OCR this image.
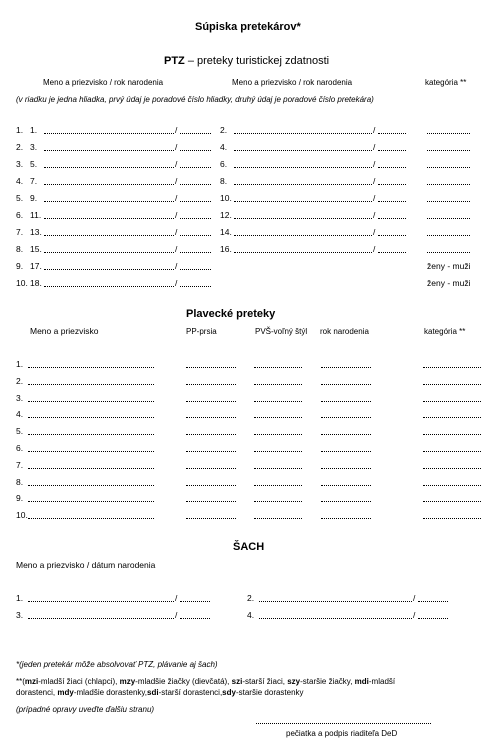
Súpiska pretekárov*
PTZ – preteky turistickej zdatnosti
Meno a priezvisko / rok narodenia	Meno a priezvisko / rok narodenia	kategória **
(v riadku je jedna hliadka, prvý údaj je poradové číslo hliadky, druhý údaj je poradové číslo pretekára)
1. 1.	/	2.	/
2. 3.	/	4.	/
3. 5.	/	6.	/
4. 7.	/	8.	/
5. 9.	/	10.	/
6. 11.	/	12.	/
7. 13.	/	14.	/
8. 15.	/	16.	/
9. 17.	/	ženy - muži
10. 18.	/	ženy - muži
Plavecké preteky
Meno a priezvisko	PP-prsia	PVŠ-voľný štýl rok narodenia	kategória **
1.
2.
3.
4.
5.
6.
7.
8.
9.
10.
ŠACH
Meno a priezvisko / dátum narodenia
1.	/	2.	/
3.	/	4.	/
*(jeden pretekár môže absolvovať PTZ, plávanie aj šach)
**(mzi-mladší žiaci (chlapci), mzy-mladšie žiačky (dievčatá), szi-starší žiaci, szy-staršie žiačky, mdi-mladší
dorastenci, mdy-mladšie dorastenky,sdi-starší dorastenci,sdy-staršie dorastenky
(prípadné opravy uveďte ďalšiu stranu)
pečiatka a podpis riaditeľa DeD
